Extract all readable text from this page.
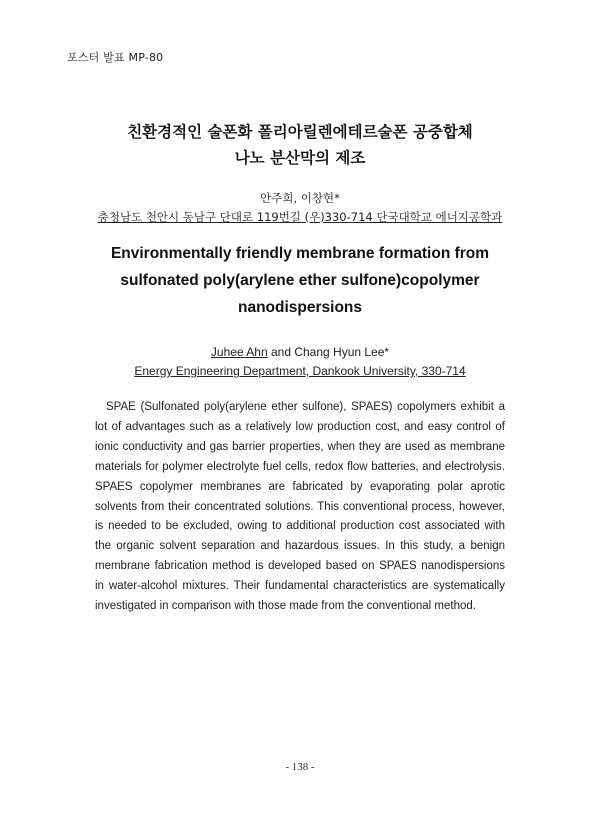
포스터 발표 MP-80
친환경적인 술폰화 폴리아릴렌에테르술폰 공중합체
나노 분산막의 제조
안주희, 이창현*
충청남도 천안시 동남구 단대로 119번길 (우)330-714 단국대학교 에너지공학과
Environmentally friendly membrane formation from
sulfonated poly(arylene ether sulfone)copolymer
nanodispersions
Juhee Ahn and Chang Hyun Lee*
Energy Engineering Department, Dankook University, 330-714

SPAE (Sulfonated poly(arylene ether sulfone), SPAES) copolymers exhibit a lot of advantages such as a relatively low production cost, and easy control of ionic conductivity and gas barrier properties, when they are used as membrane materials for polymer electrolyte fuel cells, redox flow batteries, and electrolysis. SPAES copolymer membranes are fabricated by evaporating polar aprotic solvents from their concentrated solutions. This conventional process, however, is needed to be excluded, owing to additional production cost associated with the organic solvent separation and hazardous issues. In this study, a benign membrane fabrication method is developed based on SPAES nanodispersions in water-alcohol mixtures. Their fundamental characteristics are systematically investigated in comparison with those made from the conventional method.

- 138 -
